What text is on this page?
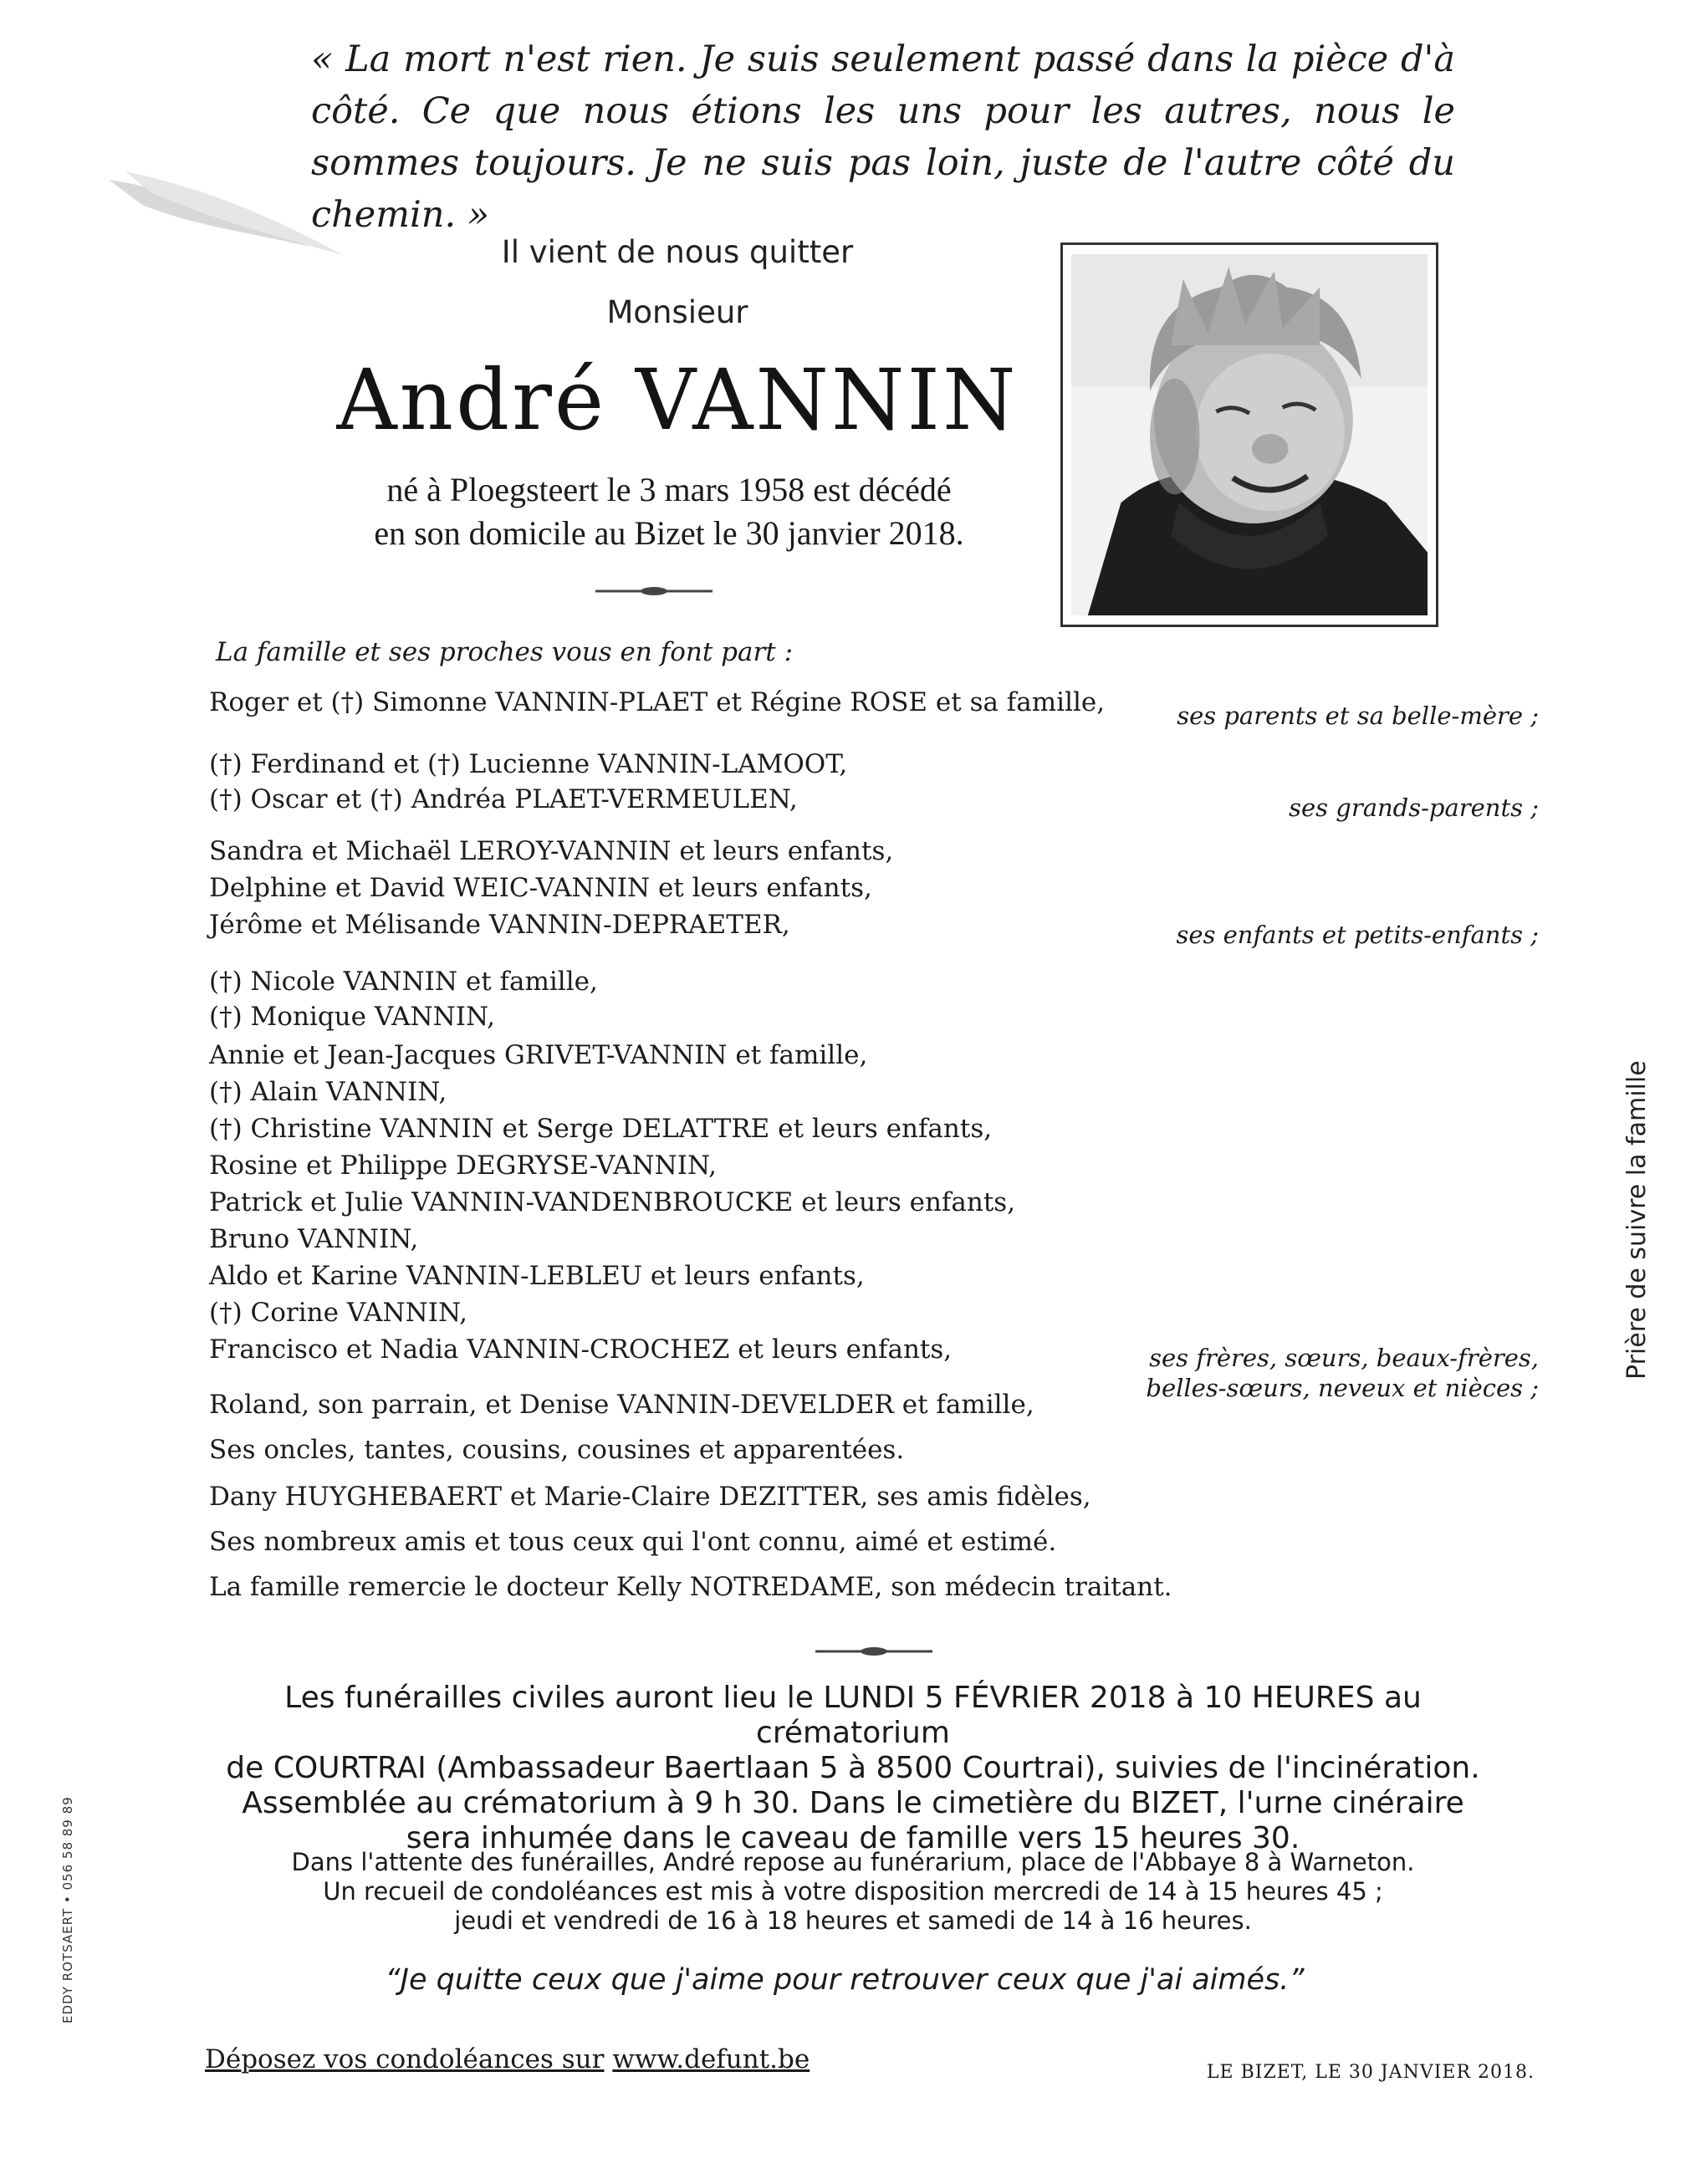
« La mort n'est rien. Je suis seulement passé dans la pièce d'à côté. Ce que nous étions les uns pour les autres, nous le sommes toujours. Je ne suis pas loin, juste de l'autre côté du chemin. »
Il vient de nous quitter
Monsieur
André VANNIN
né à Ploegsteert le 3 mars 1958 est décédé
en son domicile au Bizet le 30 janvier 2018.
La famille et ses proches vous en font part :
Roger et (†) Simonne VANNIN-PLAET et Régine ROSE et sa famille,
(†) Ferdinand et (†) Lucienne VANNIN-LAMOOT,
(†) Oscar et (†) Andréa PLAET-VERMEULEN,
Sandra et Michaël LEROY-VANNIN et leurs enfants,
Delphine et David WEIC-VANNIN et leurs enfants,
Jérôme et Mélisande VANNIN-DEPRAETER,
(†) Nicole VANNIN et famille,
(†) Monique VANNIN,
Annie et Jean-Jacques GRIVET-VANNIN et famille,
(†) Alain VANNIN,
(†) Christine VANNIN et Serge DELATTRE et leurs enfants,
Rosine et Philippe DEGRYSE-VANNIN,
Patrick et Julie VANNIN-VANDENBROUCKE et leurs enfants,
Bruno VANNIN,
Aldo et Karine VANNIN-LEBLEU et leurs enfants,
(†) Corine VANNIN,
Francisco et Nadia VANNIN-CROCHEZ et leurs enfants,
Roland, son parrain, et Denise VANNIN-DEVELDER et famille,
Ses oncles, tantes, cousins, cousines et apparentées.
Dany HUYGHEBAERT et Marie-Claire DEZITTER, ses amis fidèles,
Ses nombreux amis et tous ceux qui l'ont connu, aimé et estimé.
La famille remercie le docteur Kelly NOTREDAME, son médecin traitant.
ses parents et sa belle-mère ;
ses grands-parents ;
ses enfants et petits-enfants ;
ses frères, sœurs, beaux-frères,
belles-sœurs, neveux et nièces ;
Prière de suivre la famille
EDDY ROTSAERT • 056 58 89 89
Les funérailles civiles auront lieu le LUNDI 5 FÉVRIER 2018 à 10 HEURES au crématorium
de COURTRAI (Ambassadeur Baertlaan 5 à 8500 Courtrai), suivies de l'incinération.
Assemblée au crématorium à 9 h 30. Dans le cimetière du BIZET, l'urne cinéraire
sera inhumée dans le caveau de famille vers 15 heures 30.
Dans l'attente des funérailles, André repose au funérarium, place de l'Abbaye 8 à Warneton.
Un recueil de condoléances est mis à votre disposition mercredi de 14 à 15 heures 45 ;
jeudi et vendredi de 16 à 18 heures et samedi de 14 à 16 heures.
“Je quitte ceux que j'aime pour retrouver ceux que j'ai aimés.”
Déposez vos condoléances sur www.defunt.be	LE BIZET, LE 30 JANVIER 2018.
